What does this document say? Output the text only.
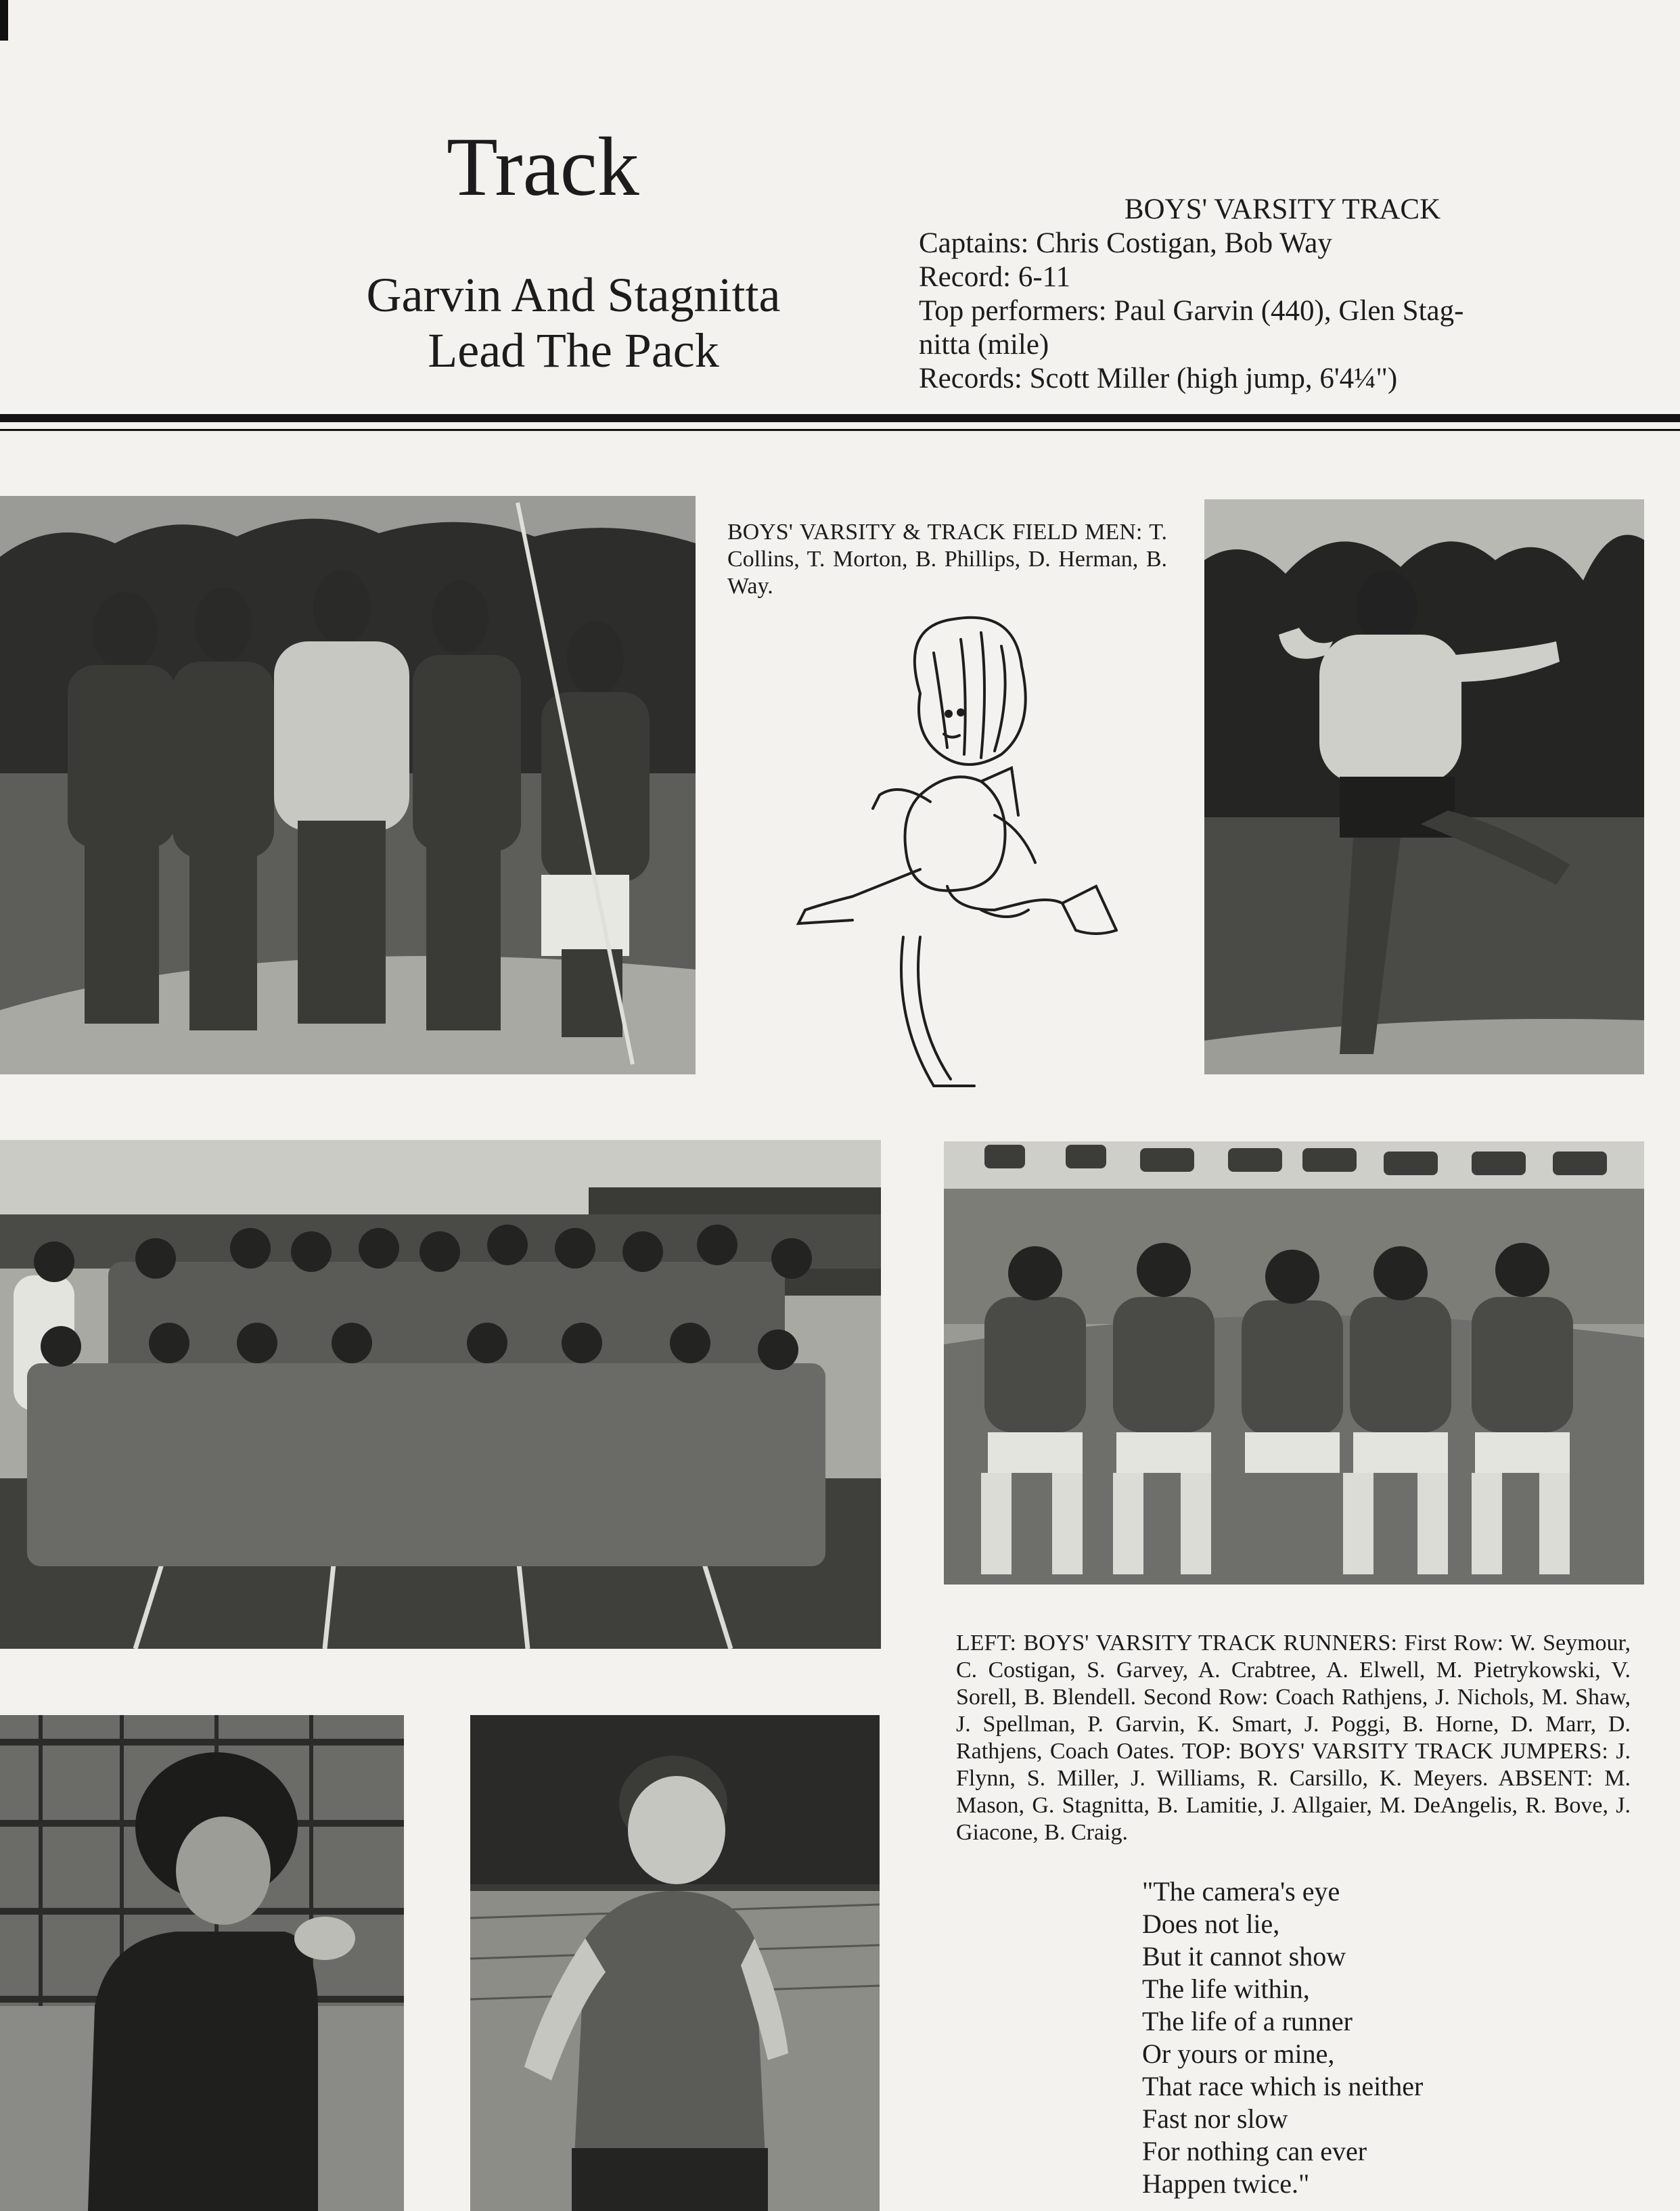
Track
Garvin And Stagnitta
Lead The Pack
BOYS' VARSITY TRACK
Captains: Chris Costigan, Bob Way
Record: 6-11
Top performers: Paul Garvin (440), Glen Stag-
nitta (mile)
Records: Scott Miller (high jump, 6'4¼")

BOYS' VARSITY & TRACK FIELD MEN: T. Collins, T. Morton, B. Phillips, D. Herman, B. Way.

LEFT: BOYS' VARSITY TRACK RUNNERS: First Row: W. Seymour, C. Costigan, S. Garvey, A. Crabtree, A. Elwell, M. Pietrykowski, V. Sorell, B. Blendell. Second Row: Coach Rathjens, J. Nichols, M. Shaw, J. Spellman, P. Garvin, K. Smart, J. Poggi, B. Horne, D. Marr, D. Rathjens, Coach Oates. TOP: BOYS' VARSITY TRACK JUMPERS: J. Flynn, S. Miller, J. Williams, R. Carsillo, K. Meyers. ABSENT: M. Mason, G. Stagnitta, B. Lamitie, J. Allgaier, M. DeAngelis, R. Bove, J. Giacone, B. Craig.

"The camera's eye
Does not lie,
But it cannot show
The life within,
The life of a runner
Or yours or mine,
That race which is neither
Fast nor slow
For nothing can ever
Happen twice."
